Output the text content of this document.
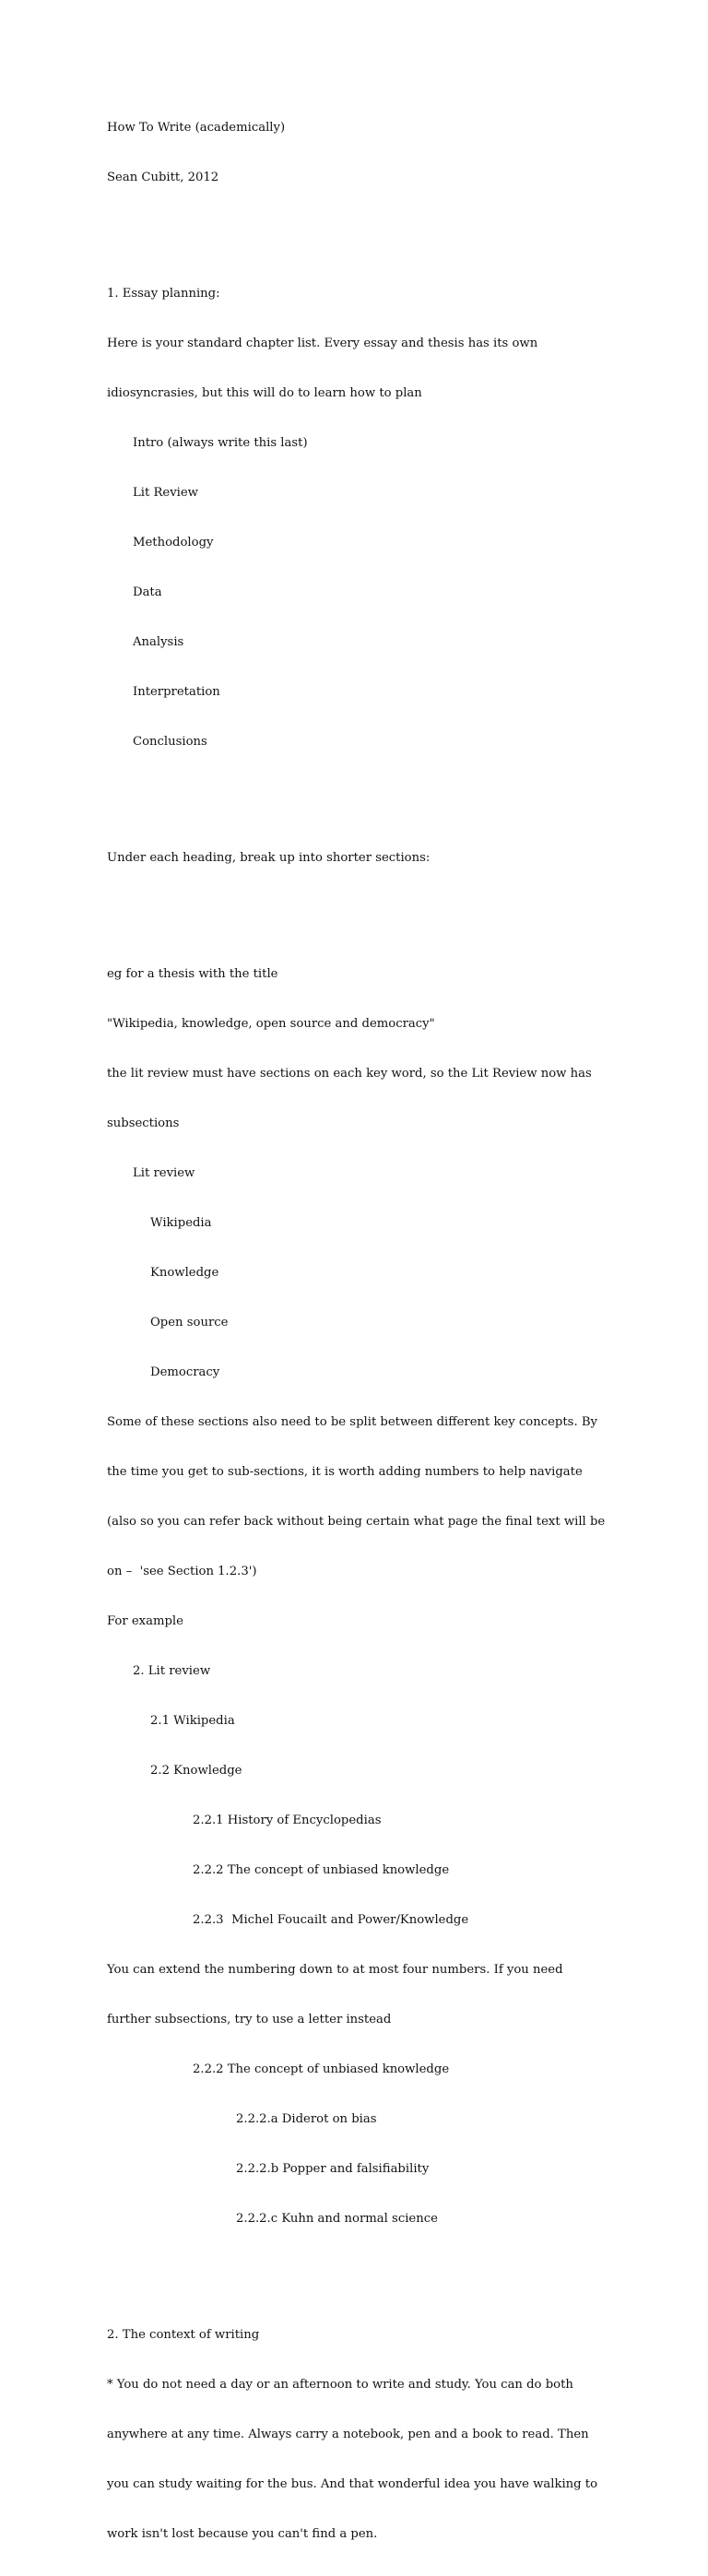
How To Write (academically)

Sean Cubitt, 2012

1. Essay planning:

Here is your standard chapter list. Every essay and thesis has its own

idiosyncrasies, but this will do to learn how to plan

Intro (always write this last)

Lit Review

Methodology

Data

Analysis

Interpretation

Conclusions

Under each heading, break up into shorter sections:

eg for a thesis with the title

"Wikipedia, knowledge, open source and democracy"

the lit review must have sections on each key word, so the Lit Review now has

subsections

Lit review

Wikipedia

Knowledge

Open source

Democracy

Some of these sections also need to be split between different key concepts. By

the time you get to sub-sections, it is worth adding numbers to help navigate

(also so you can refer back without being certain what page the final text will be

on –  'see Section 1.2.3')

For example

2. Lit review

2.1 Wikipedia

2.2 Knowledge

2.2.1 History of Encyclopedias

2.2.2 The concept of unbiased knowledge

2.2.3  Michel Foucailt and Power/Knowledge

You can extend the numbering down to at most four numbers. If you need

further subsections, try to use a letter instead

2.2.2 The concept of unbiased knowledge

2.2.2.a Diderot on bias

2.2.2.b Popper and falsifiability

2.2.2.c Kuhn and normal science

2. The context of writing

* You do not need a day or an afternoon to write and study. You can do both

anywhere at any time. Always carry a notebook, pen and a book to read. Then

you can study waiting for the bus. And that wonderful idea you have walking to

work isn't lost because you can't find a pen.
